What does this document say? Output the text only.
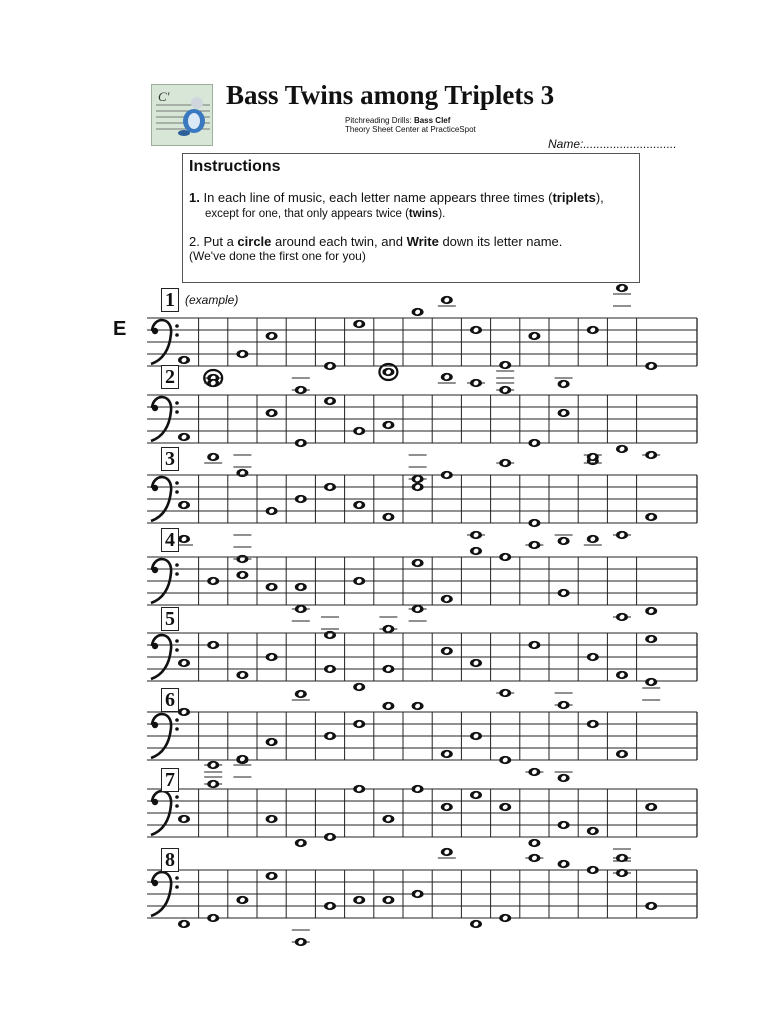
C' Bass Twins among Triplets 3
Pitchreading Drills: Bass Clef
Theory Sheet Center at PracticeSpot
Name:............................
Instructions
1. In each line of music, each letter name appears three times (triplets),
except for one, that only appears twice (twins).
2. Put a circle around each twin, and Write down its letter name.
(We've done the first one for you)
(example)
E
1
2
3
4
5
6
7
8
